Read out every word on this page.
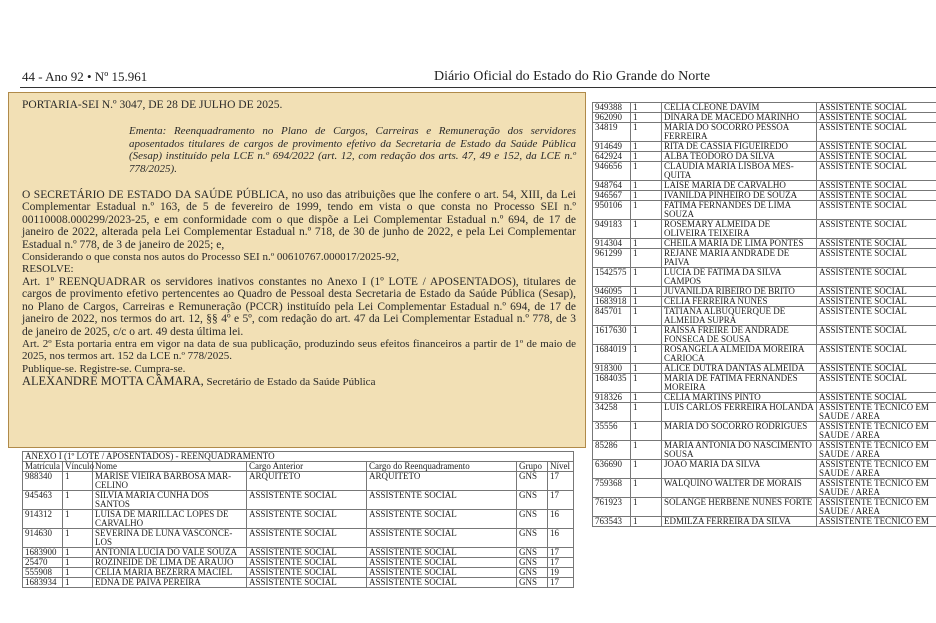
44 - Ano 92 • Nº 15.961	Diário Oficial do Estado do Rio Grande do Norte
PORTARIA-SEI N.º 3047, DE 28 DE JULHO DE 2025.
Ementa: Reenquadramento no Plano de Cargos, Carreiras e Remuneração dos servidores aposentados titulares de cargos de provimento efetivo da Secretaria de Estado da Saúde Pública (Sesap) instituído pela LCE n.º 694/2022 (art. 12, com redação dos arts. 47, 49 e 152, da LCE n.º 778/2025).

O SECRETÁRIO DE ESTADO DA SAÚDE PÚBLICA, no uso das atribuições que lhe confere o art. 54, XIII, da Lei Complementar Estadual n.º 163, de 5 de fevereiro de 1999, tendo em vista o que consta no Processo SEI n.º 00110008.000299/2023-25, e em conformidade com o que dispõe a Lei Complementar Estadual n.º 694, de 17 de janeiro de 2022, alterada pela Lei Complementar Estadual n.º 718, de 30 de junho de 2022, e pela Lei Complementar Estadual n.º 778, de 3 de janeiro de 2025; e,

Considerando o que consta nos autos do Processo SEI n.º 00610767.000017/2025-92,

RESOLVE:

Art. 1º REENQUADRAR os servidores inativos constantes no Anexo I (1º LOTE / APOSENTADOS), titulares de cargos de provimento efetivo pertencentes ao Quadro de Pessoal desta Secretaria de Estado da Saúde Pública (Sesap), no Plano de Cargos, Carreiras e Remuneração (PCCR) instituído pela Lei Complementar Estadual n.º 694, de 17 de janeiro de 2022, nos termos do art. 12, §§ 4º e 5º, com redação do art. 47 da Lei Complementar Estadual n.º 778, de 3 de janeiro de 2025, c/c o art. 49 desta última lei.

Art. 2º Esta portaria entra em vigor na data de sua publicação, produzindo seus efeitos financeiros a partir de 1º de maio de 2025, nos termos art. 152 da LCE n.º 778/2025.

Publique-se. Registre-se. Cumpra-se.

ALEXANDRE MOTTA CÂMARA, Secretário de Estado da Saúde Pública

ANEXO I (1º LOTE / APOSENTADOS) - REENQUADRAMENTO						
Matrícula	Vínculo	Nome	Cargo Anterior	Cargo do Reenquadramento	Grupo	Nível
988340	1	MARISE VIEIRA BARBOSA MAR-CELINO	ARQUITETO	ARQUITETO	GNS	17
945463	1	SILVIA MARIA CUNHA DOS SANTOS	ASSISTENTE SOCIAL	ASSISTENTE SOCIAL	GNS	17
914312	1	LUISA DE MARILLAC LOPES DE CARVALHO	ASSISTENTE SOCIAL	ASSISTENTE SOCIAL	GNS	16
914630	1	SEVERINA DE LUNA VASCONCE-LOS	ASSISTENTE SOCIAL	ASSISTENTE SOCIAL	GNS	16
1683900	1	ANTONIA LUCIA DO VALE SOUZA	ASSISTENTE SOCIAL	ASSISTENTE SOCIAL	GNS	17
25470	1	ROZINEIDE DE LIMA DE ARAUJO	ASSISTENTE SOCIAL	ASSISTENTE SOCIAL	GNS	17
555908	1	CELIA MARIA BEZERRA MACIEL	ASSISTENTE SOCIAL	ASSISTENTE SOCIAL	GNS	19
1683934	1	EDNA DE PAIVA PEREIRA	ASSISTENTE SOCIAL	ASSISTENTE SOCIAL	GNS	17
949388	1	CELIA CLEONE DAVIM	ASSISTENTE SOCIAL
962090	1	DINARA DE MACEDO MARINHO	ASSISTENTE SOCIAL
34819	1	MARIA DO SOCORRO PESSOA FERREIRA	ASSISTENTE SOCIAL
914649	1	RITA DE CASSIA FIGUEIREDO	ASSISTENTE SOCIAL
642924	1	ALBA TEODORO DA SILVA	ASSISTENTE SOCIAL
946656	1	CLAUDIA MARIA LISBOA MES-QUITA	ASSISTENTE SOCIAL
948764	1	LAISE MARIA DE CARVALHO	ASSISTENTE SOCIAL
946567	1	IVANILDA PINHEIRO DE SOUZA	ASSISTENTE SOCIAL
950106	1	FATIMA FERNANDES DE LIMA SOUZA	ASSISTENTE SOCIAL
949183	1	ROSEMARY ALMEIDA DE OLIVEIRA TEIXEIRA	ASSISTENTE SOCIAL
914304	1	CHEILA MARIA DE LIMA PONTES	ASSISTENTE SOCIAL
961299	1	REJANE MARIA ANDRADE DE PAIVA	ASSISTENTE SOCIAL
1542575	1	LUCIA DE FATIMA DA SILVA CAMPOS	ASSISTENTE SOCIAL
946095	1	JUVANILDA RIBEIRO DE BRITO	ASSISTENTE SOCIAL
1683918	1	CELIA FERREIRA NUNES	ASSISTENTE SOCIAL
845701	1	TATIANA ALBUQUERQUE DE ALMEIDA SUPRA	ASSISTENTE SOCIAL
1617630	1	RAISSA FREIRE DE ANDRADE FONSECA DE SOUSA	ASSISTENTE SOCIAL
1684019	1	ROSANGELA ALMEIDA MOREIRA CARIOCA	ASSISTENTE SOCIAL
918300	1	ALICE DUTRA DANTAS ALMEIDA	ASSISTENTE SOCIAL
1684035	1	MARIA DE FATIMA FERNANDES MOREIRA	ASSISTENTE SOCIAL
918326	1	CELIA MARTINS PINTO	ASSISTENTE SOCIAL
34258	1	LUIS CARLOS FERREIRA HOLANDA	ASSISTENTE TECNICO EM SAUDE / AREA
35556	1	MARIA DO SOCORRO RODRIGUES	ASSISTENTE TECNICO EM SAUDE / AREA
85286	1	MARIA ANTONIA DO NASCIMENTO SOUSA	ASSISTENTE TECNICO EM SAUDE / AREA
636690	1	JOAO MARIA DA SILVA	ASSISTENTE TECNICO EM SAUDE / AREA
759368	1	WALQUINO WALTER DE MORAIS	ASSISTENTE TECNICO EM SAUDE / AREA
761923	1	SOLANGE HERBENE NUNES FORTE	ASSISTENTE TECNICO EM SAUDE / AREA
763543	1	EDMILZA FERREIRA DA SILVA	ASSISTENTE TECNICO EM
